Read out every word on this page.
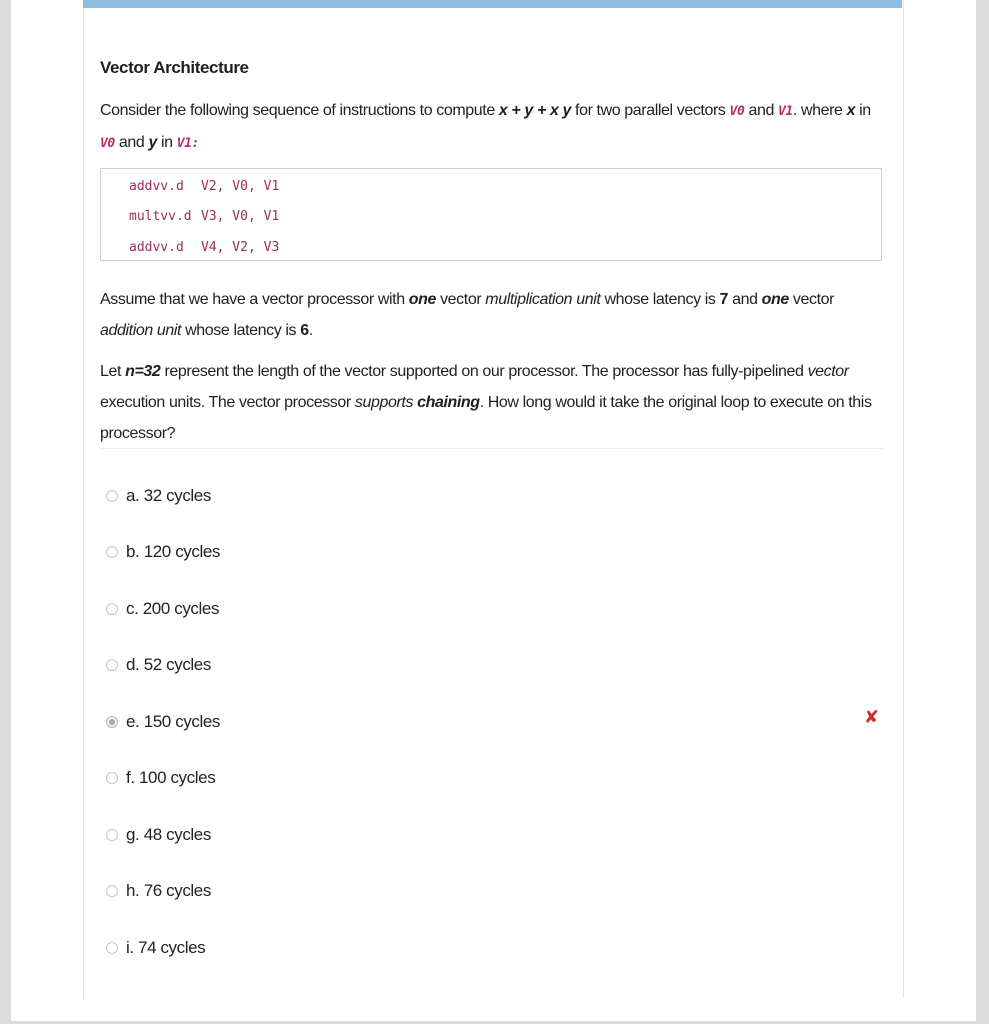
Vector Architecture
Consider the following sequence of instructions to compute x + y + x y for two parallel vectors V0 and V1. where x in V0 and y in V1:
addvv.d V2, V0, V1
multvv.d V3, V0, V1
addvv.d V4, V2, V3
Assume that we have a vector processor with one vector multiplication unit whose latency is 7 and one vector addition unit whose latency is 6.
Let n=32 represent the length of the vector supported on our processor. The processor has fully-pipelined vector execution units. The vector processor supports chaining. How long would it take the original loop to execute on this processor?
a. 32 cycles
b. 120 cycles
c. 200 cycles
d. 52 cycles
e. 150 cycles
f. 100 cycles
g. 48 cycles
h. 76 cycles
i. 74 cycles
✘
